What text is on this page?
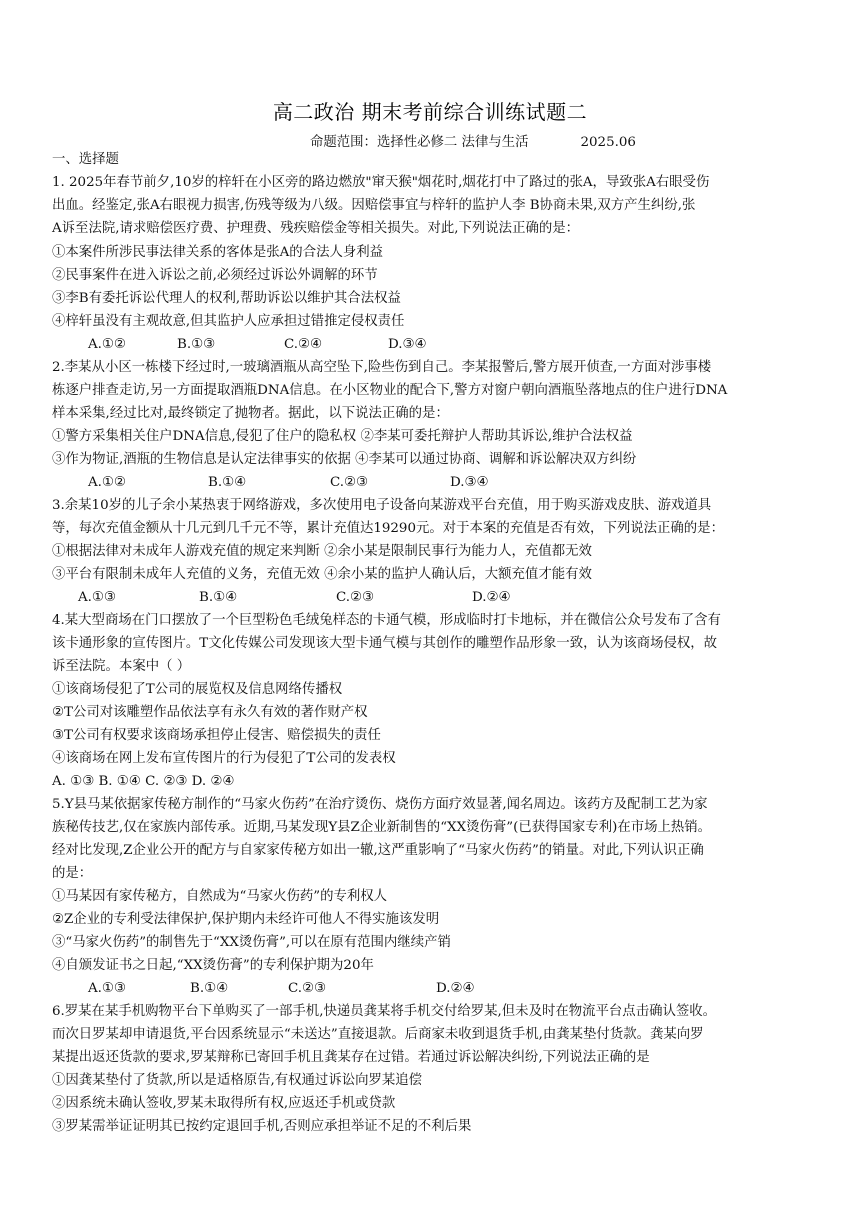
高二政治 期末考前综合训练试题二
命题范围：选择性必修二 法律与生活	2025.06
一、选择题
1. 2025年春节前夕,10岁的梓轩在小区旁的路边燃放"窜天猴"烟花时,烟花打中了路过的张A，导致张A右眼受伤
出血。经鉴定,张A右眼视力损害,伤残等级为八级。因赔偿事宜与梓轩的监护人李 B协商未果,双方产生纠纷,张
A诉至法院,请求赔偿医疗费、护理费、残疾赔偿金等相关损失。对此,下列说法正确的是：
①本案件所涉民事法律关系的客体是张A的合法人身利益
②民事案件在进入诉讼之前,必须经过诉讼外调解的环节
③李B有委托诉讼代理人的权利,帮助诉讼以维护其合法权益
④梓轩虽没有主观故意,但其监护人应承担过错推定侵权责任
A.①②	B.①③	C.②④	D.③④
2.李某从小区一栋楼下经过时,一玻璃酒瓶从高空坠下,险些伤到自己。李某报警后,警方展开侦查,一方面对涉事楼
栋逐户排查走访,另一方面提取酒瓶DNA信息。在小区物业的配合下,警方对窗户朝向酒瓶坠落地点的住户进行DNA
样本采集,经过比对,最终锁定了抛物者。据此，以下说法正确的是：
①警方采集相关住户DNA信息,侵犯了住户的隐私权 ②李某可委托辩护人帮助其诉讼,维护合法权益
③作为物证,酒瓶的生物信息是认定法律事实的依据 ④李某可以通过协商、调解和诉讼解决双方纠纷
A.①②	B.①④	C.②③	D.③④
3.余某10岁的儿子余小某热衷于网络游戏，多次使用电子设备向某游戏平台充值，用于购买游戏皮肤、游戏道具
等，每次充值金额从十几元到几千元不等，累计充值达19290元。对于本案的充值是否有效，下列说法正确的是：
①根据法律对未成年人游戏充值的规定来判断 ②余小某是限制民事行为能力人，充值都无效
③平台有限制未成年人充值的义务，充值无效 ④余小某的监护人确认后，大额充值才能有效
A.①③	B.①④	C.②③	D.②④
4.某大型商场在门口摆放了一个巨型粉色毛绒兔样态的卡通气模，形成临时打卡地标，并在微信公众号发布了含有
该卡通形象的宣传图片。T文化传媒公司发现该大型卡通气模与其创作的雕塑作品形象一致，认为该商场侵权，故
诉至法院。本案中（ ）
①该商场侵犯了T公司的展览权及信息网络传播权
②T公司对该雕塑作品依法享有永久有效的著作财产权
③T公司有权要求该商场承担停止侵害、赔偿损失的责任
④该商场在网上发布宣传图片的行为侵犯了T公司的发表权
A. ①③ B. ①④ C. ②③ D. ②④
5.Y县马某依据家传秘方制作的“马家火伤药”在治疗烫伤、烧伤方面疗效显著,闻名周边。该药方及配制工艺为家
族秘传技艺,仅在家族内部传承。近期,马某发现Y县Z企业新制售的“XX烫伤膏”(已获得国家专利)在市场上热销。
经对比发现,Z企业公开的配方与自家家传秘方如出一辙,这严重影响了“马家火伤药”的销量。对此,下列认识正确
的是：
①马某因有家传秘方，自然成为“马家火伤药”的专利权人
②Z企业的专利受法律保护,保护期内未经许可他人不得实施该发明
③“马家火伤药”的制售先于“XX烫伤膏”,可以在原有范围内继续产销
④自颁发证书之日起,“XX烫伤膏”的专利保护期为20年
A.①③	B.①④	C.②③	D.②④
6.罗某在某手机购物平台下单购买了一部手机,快递员龚某将手机交付给罗某,但未及时在物流平台点击确认签收。
而次日罗某却申请退货,平台因系统显示“未送达”直接退款。后商家未收到退货手机,由龚某垫付货款。龚某向罗
某提出返还货款的要求,罗某辩称已寄回手机且龚某存在过错。若通过诉讼解决纠纷,下列说法正确的是
①因龚某垫付了货款,所以是适格原告,有权通过诉讼向罗某追偿
②因系统未确认签收,罗某未取得所有权,应返还手机或贷款
③罗某需举证证明其已按约定退回手机,否则应承担举证不足的不利后果
